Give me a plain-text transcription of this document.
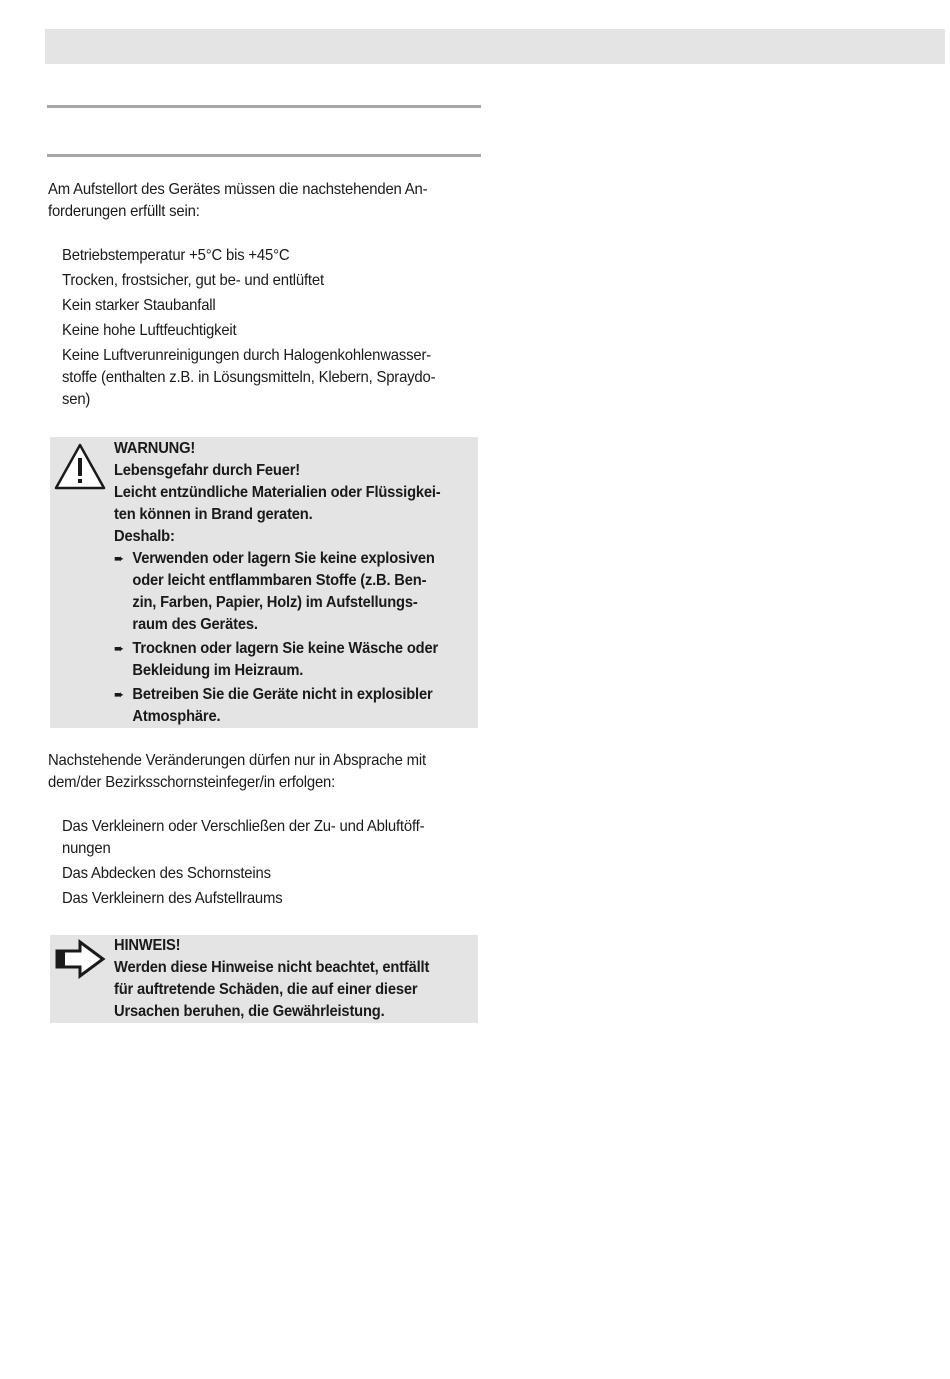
Am Aufstellort des Gerätes müssen die nachstehenden An-
forderungen erfüllt sein:
Betriebstemperatur +5°C bis +45°C
Trocken, frostsicher, gut be- und entlüftet
Kein starker Staubanfall
Keine hohe Luftfeuchtigkeit
Keine Luftverunreinigungen durch Halogenkohlenwasser-
stoffe (enthalten z.B. in Lösungsmitteln, Klebern, Spraydo-
sen)
WARNUNG!
Lebensgefahr durch Feuer!
Leicht entzündliche Materialien oder Flüssigkei-
ten können in Brand geraten.
Deshalb:
➨ Verwenden oder lagern Sie keine explosiven
oder leicht entflammbaren Stoffe (z.B. Ben-
zin, Farben, Papier, Holz) im Aufstellungs-
raum des Gerätes.
➨ Trocknen oder lagern Sie keine Wäsche oder
Bekleidung im Heizraum.
➨ Betreiben Sie die Geräte nicht in explosibler
Atmosphäre.
Nachstehende Veränderungen dürfen nur in Absprache mit
dem/der Bezirksschornsteinfeger/in erfolgen:
Das Verkleinern oder Verschließen der Zu- und Abluftöff-
nungen
Das Abdecken des Schornsteins
Das Verkleinern des Aufstellraums
HINWEIS!
Werden diese Hinweise nicht beachtet, entfällt
für auftretende Schäden, die auf einer dieser
Ursachen beruhen, die Gewährleistung.
